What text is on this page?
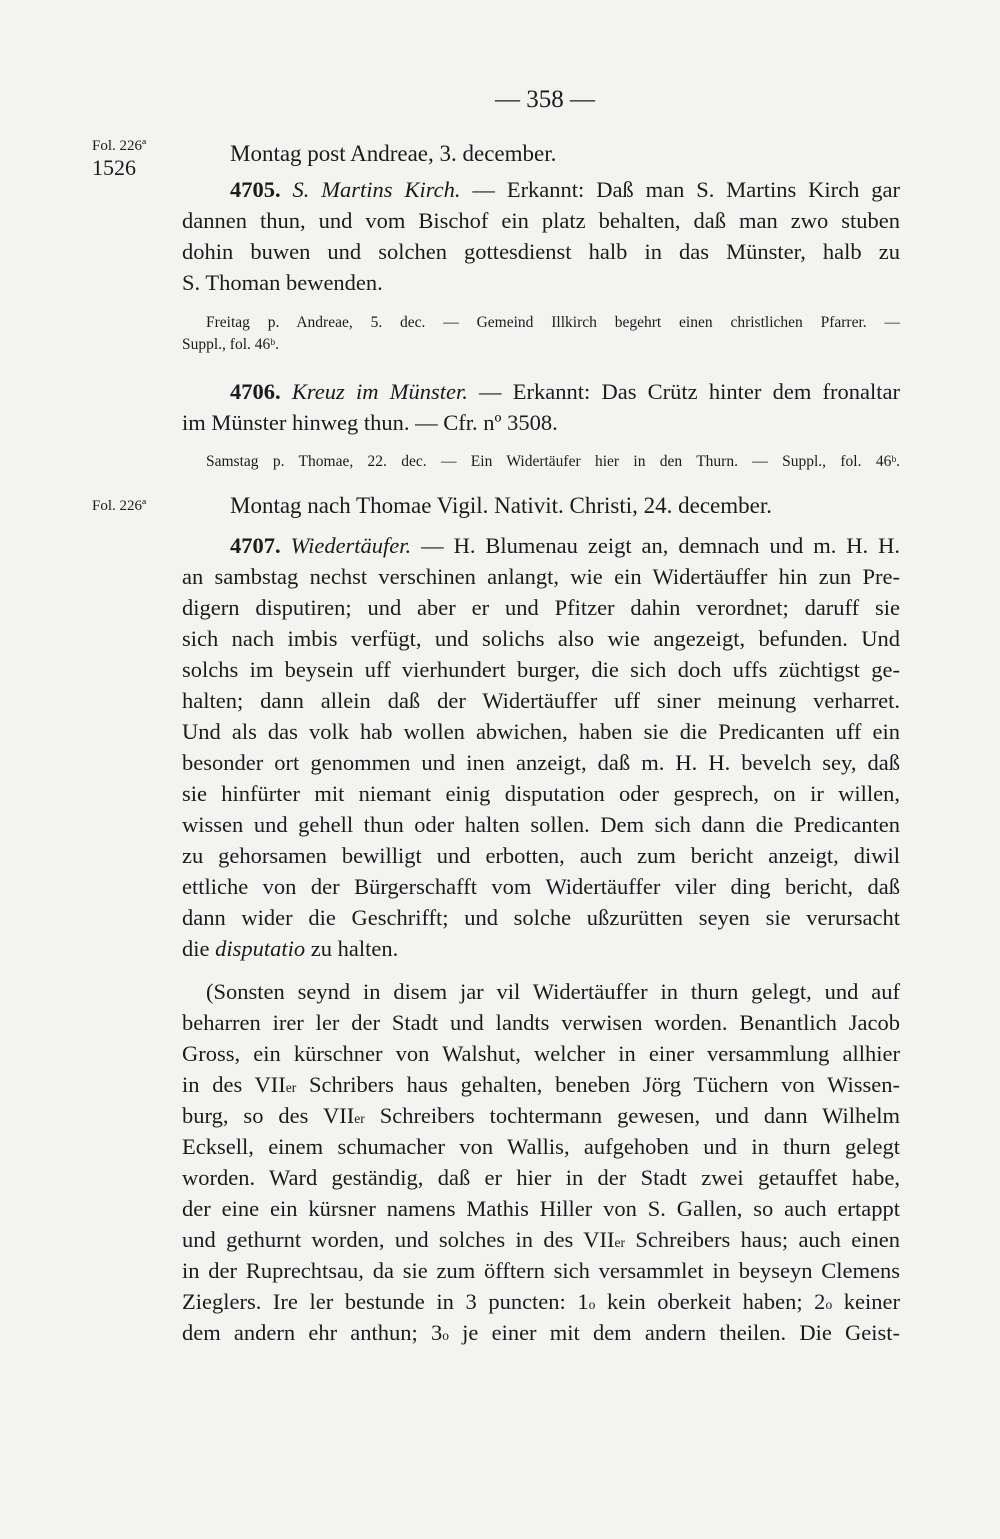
— 358 —
Fol. 226ª
1526
Fol. 226ª
Montag post Andreae, 3. december.
4705. S. Martins Kirch. — Erkannt: Daß man S. Martins Kirch gar
dannen thun, und vom Bischof ein platz behalten, daß man zwo stuben
dohin buwen und solchen gottesdienst halb in das Münster, halb zu
S. Thoman bewenden.
Freitag p. Andreae, 5. dec. — Gemeind Illkirch begehrt einen christlichen Pfarrer. —
Suppl., fol. 46ᵇ.
4706. Kreuz im Münster. — Erkannt: Das Crütz hinter dem fronaltar
im Münster hinweg thun. — Cfr. nº 3508.
Samstag p. Thomae, 22. dec. — Ein Widertäufer hier in den Thurn. — Suppl., fol. 46ᵇ.
Montag nach Thomae Vigil. Nativit. Christi, 24. december.
4707. Wiedertäufer. — H. Blumenau zeigt an, demnach und m. H. H.
an sambstag nechst verschinen anlangt, wie ein Widertäuffer hin zun Pre-
digern disputiren; und aber er und Pfitzer dahin verordnet; daruff sie
sich nach imbis verfügt, und solichs also wie angezeigt, befunden. Und
solchs im beysein uff vierhundert burger, die sich doch uffs züchtigst ge-
halten; dann allein daß der Widertäuffer uff siner meinung verharret.
Und als das volk hab wollen abwichen, haben sie die Predicanten uff ein
besonder ort genommen und inen anzeigt, daß m. H. H. bevelch sey, daß
sie hinfürter mit niemant einig disputation oder gesprech, on ir willen,
wissen und gehell thun oder halten sollen. Dem sich dann die Predicanten
zu gehorsamen bewilligt und erbotten, auch zum bericht anzeigt, diwil
ettliche von der Bürgerschafft vom Widertäuffer viler ding bericht, daß
dann wider die Geschrifft; und solche ußzurütten seyen sie verursacht
die disputatio zu halten.
(Sonsten seynd in disem jar vil Widertäuffer in thurn gelegt, und auf
beharren irer ler der Stadt und landts verwisen worden. Benantlich Jacob
Gross, ein kürschner von Walshut, welcher in einer versammlung allhier
in des VIIer Schribers haus gehalten, beneben Jörg Tüchern von Wissen-
burg, so des VIIer Schreibers tochtermann gewesen, und dann Wilhelm
Ecksell, einem schumacher von Wallis, aufgehoben und in thurn gelegt
worden. Ward geständig, daß er hier in der Stadt zwei getauffet habe,
der eine ein kürsner namens Mathis Hiller von S. Gallen, so auch ertappt
und gethurnt worden, und solches in des VIIer Schreibers haus; auch einen
in der Ruprechtsau, da sie zum öfftern sich versammlet in beyseyn Clemens
Zieglers. Ire ler bestunde in 3 puncten: 1$^o$ kein oberkeit haben; 2$^o$ keiner
dem andern ehr anthun; 3$^o$ je einer mit dem andern theilen. Die Geist-
